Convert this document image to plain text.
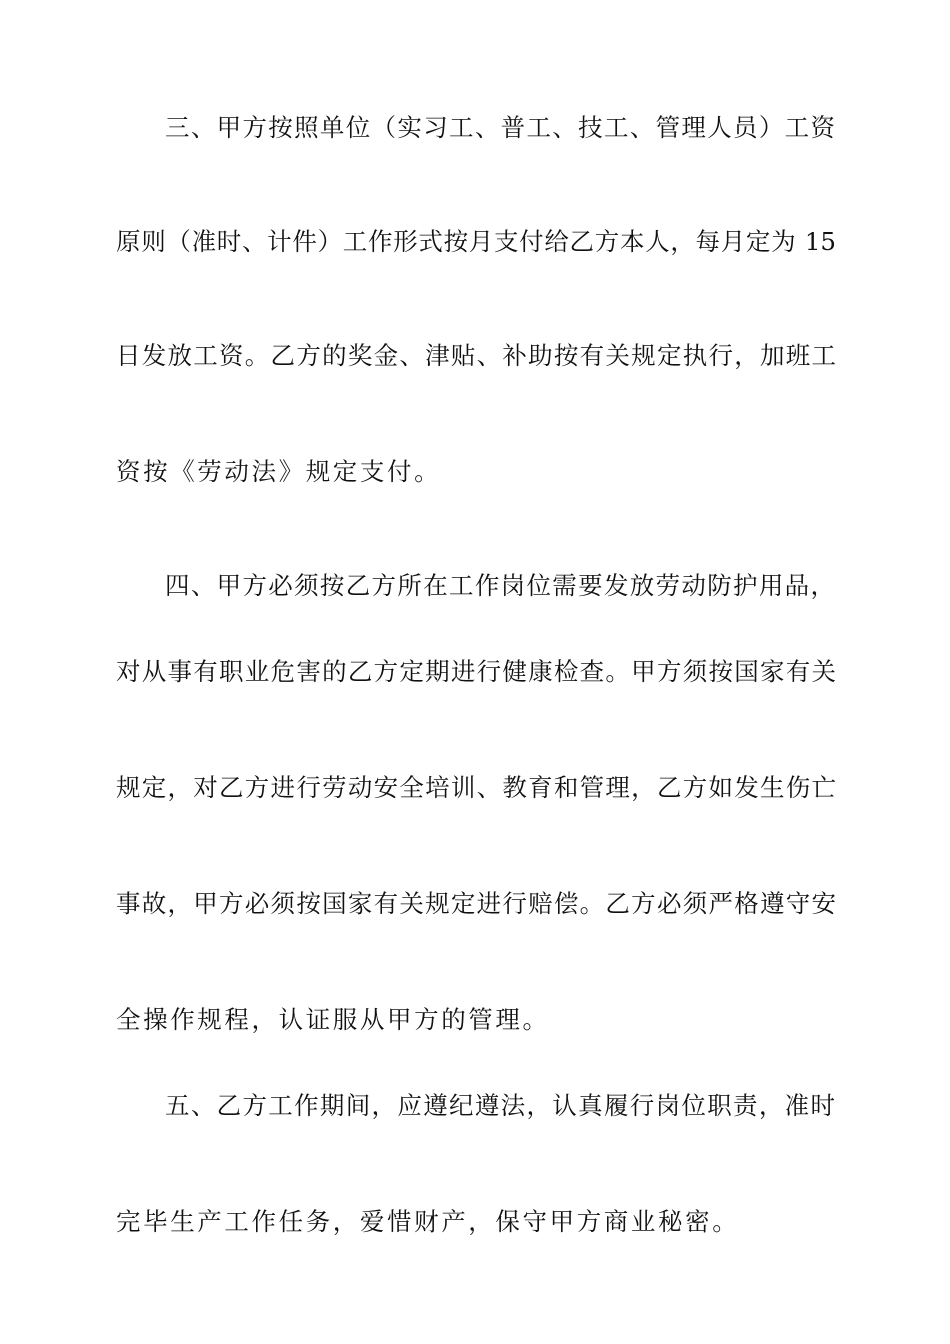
三、甲方按照单位（实习工、普工、技工、管理人员）工资
原则（准时、计件）工作形式按月支付给乙方本人，每月定为 15
日发放工资。乙方的奖金、津贴、补助按有关规定执行，加班工
资按《劳动法》规定支付。
四、甲方必须按乙方所在工作岗位需要发放劳动防护用品，
对从事有职业危害的乙方定期进行健康检查。甲方须按国家有关
规定，对乙方进行劳动安全培训、教育和管理，乙方如发生伤亡
事故，甲方必须按国家有关规定进行赔偿。乙方必须严格遵守安
全操作规程，认证服从甲方的管理。
五、乙方工作期间，应遵纪遵法，认真履行岗位职责，准时
完毕生产工作任务，爱惜财产，保守甲方商业秘密。
